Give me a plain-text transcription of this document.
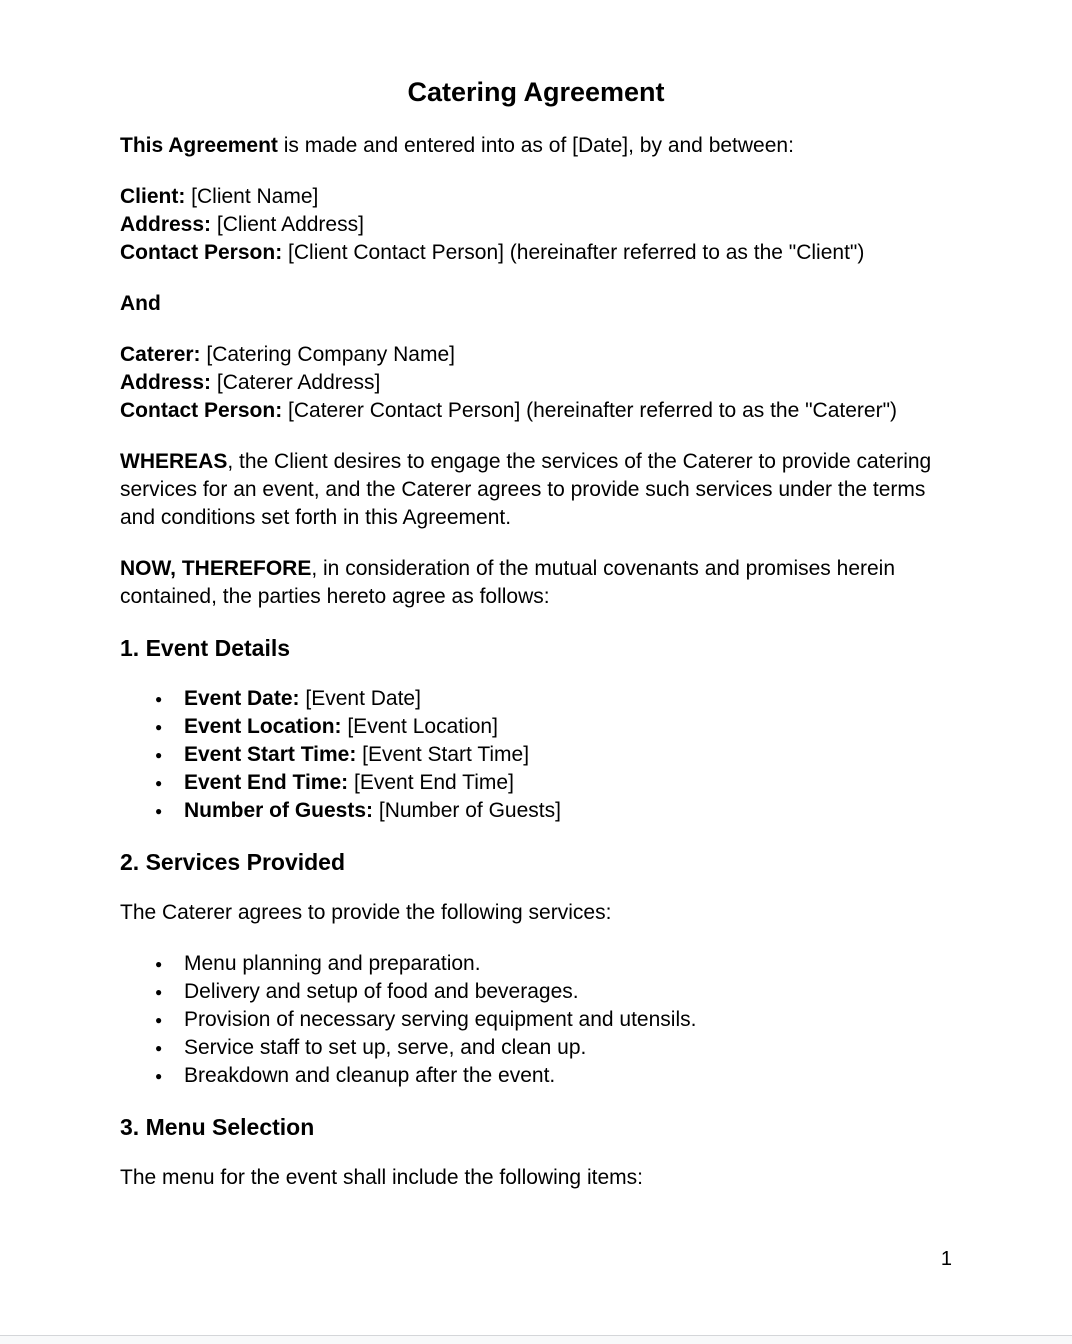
Catering Agreement

This Agreement is made and entered into as of [Date], by and between:

Client: [Client Name]
Address: [Client Address]
Contact Person: [Client Contact Person] (hereinafter referred to as the "Client")
And
Caterer: [Catering Company Name]
Address: [Caterer Address]
Contact Person: [Caterer Contact Person] (hereinafter referred to as the "Caterer")

WHEREAS, the Client desires to engage the services of the Caterer to provide catering services for an event, and the Caterer agrees to provide such services under the terms and conditions set forth in this Agreement.

NOW, THEREFORE, in consideration of the mutual covenants and promises herein contained, the parties hereto agree as follows:

1. Event Details
●	Event Date: [Event Date]
●	Event Location: [Event Location]
●	Event Start Time: [Event Start Time]
●	Event End Time: [Event End Time]
●	Number of Guests: [Number of Guests]
2. Services Provided

The Caterer agrees to provide the following services:

●	Menu planning and preparation.
●	Delivery and setup of food and beverages.
●	Provision of necessary serving equipment and utensils.
●	Service staff to set up, serve, and clean up.
●	Breakdown and cleanup after the event.
3. Menu Selection

The menu for the event shall include the following items:

1
